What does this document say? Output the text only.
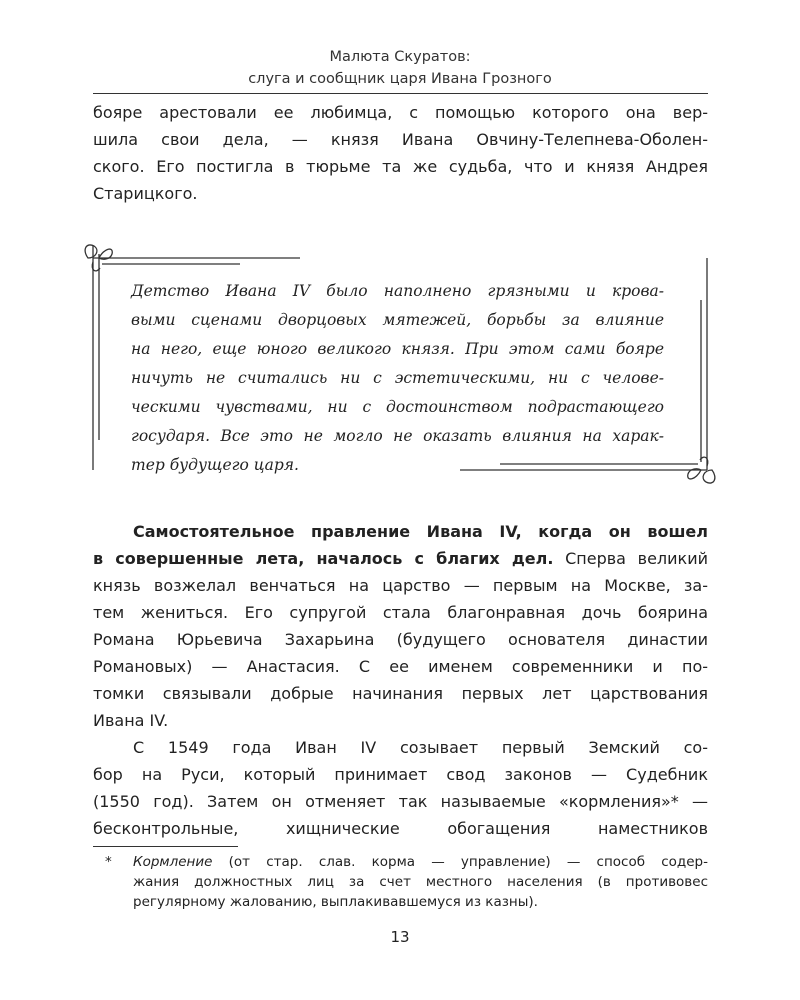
Малюта Скуратов:
слуга и сообщник царя Ивана Грозного
бояре арестовали ее любимца, с помощью которого она вер-
шила свои дела, — князя Ивана Овчину-Телепнева-Оболен-
ского. Его постигла в тюрьме та же судьба, что и князя Андрея
Старицкого.
Детство Ивана IV было наполнено грязными и крова-
выми сценами дворцовых мятежей, борьбы за влияние
на него, еще юного великого князя. При этом сами бояре
ничуть не считались ни с эстетическими, ни с челове-
ческими чувствами, ни с достоинством подрастающего
государя. Все это не могло не оказать влияния на харак-
тер будущего царя.
Самостоятельное правление Ивана IV, когда он вошел
в совершенные лета, началось с благих дел. Сперва великий
князь возжелал венчаться на царство — первым на Москве, за-
тем жениться. Его супругой стала благонравная дочь боярина
Романа Юрьевича Захарьина (будущего основателя династии
Романовых) — Анастасия. С ее именем современники и по-
томки связывали добрые начинания первых лет царствования
Ивана IV.
С 1549 года Иван IV созывает первый Земский со-
бор на Руси, который принимает свод законов — Судебник
(1550 год). Затем он отменяет так называемые «кормления»* —
бесконтрольные, хищнические обогащения наместников
* Кормление (от стар. слав. корма — управление) — способ содер-
жания должностных лиц за счет местного населения (в противовес
регулярному жалованию, выплакивавшемуся из казны).
13
